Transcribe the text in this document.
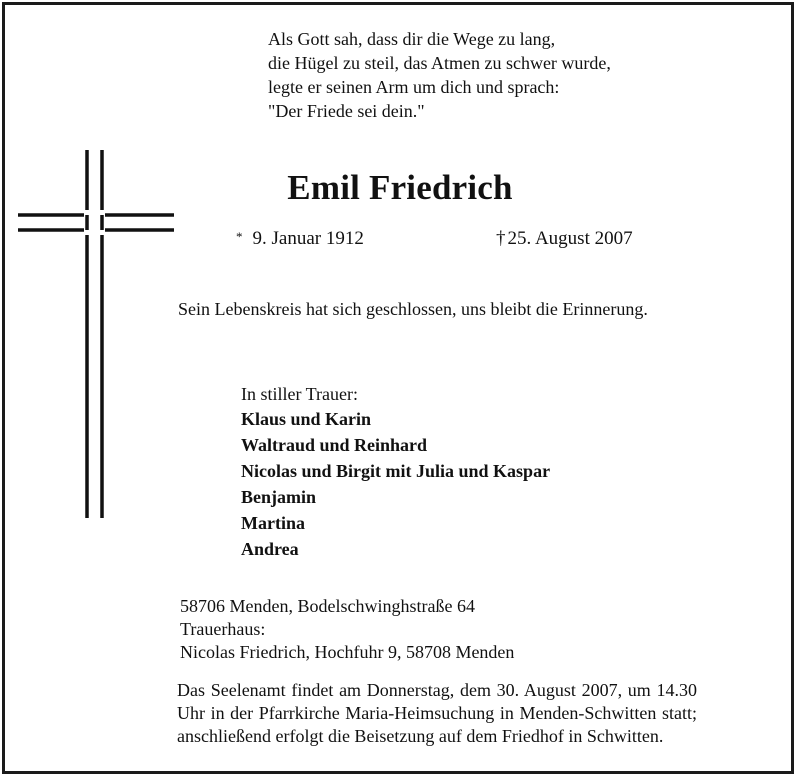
Als Gott sah, dass dir die Wege zu lang,
die Hügel zu steil, das Atmen zu schwer wurde,
legte er seinen Arm um dich und sprach:
"Der Friede sei dein."
Emil Friedrich
* 9. Januar 1912	† 25. August 2007
Sein Lebenskreis hat sich geschlossen, uns bleibt die Erinnerung.
In stiller Trauer:
Klaus und Karin
Waltraud und Reinhard
Nicolas und Birgit mit Julia und Kaspar
Benjamin
Martina
Andrea
58706 Menden, Bodelschwinghstraße 64
Trauerhaus:
Nicolas Friedrich, Hochfuhr 9, 58708 Menden
Das Seelenamt findet am Donnerstag, dem 30. August 2007, um 14.30 Uhr in der Pfarrkirche Maria-Heimsuchung in Menden-Schwitten statt; anschließend erfolgt die Beisetzung auf dem Friedhof in Schwitten.
